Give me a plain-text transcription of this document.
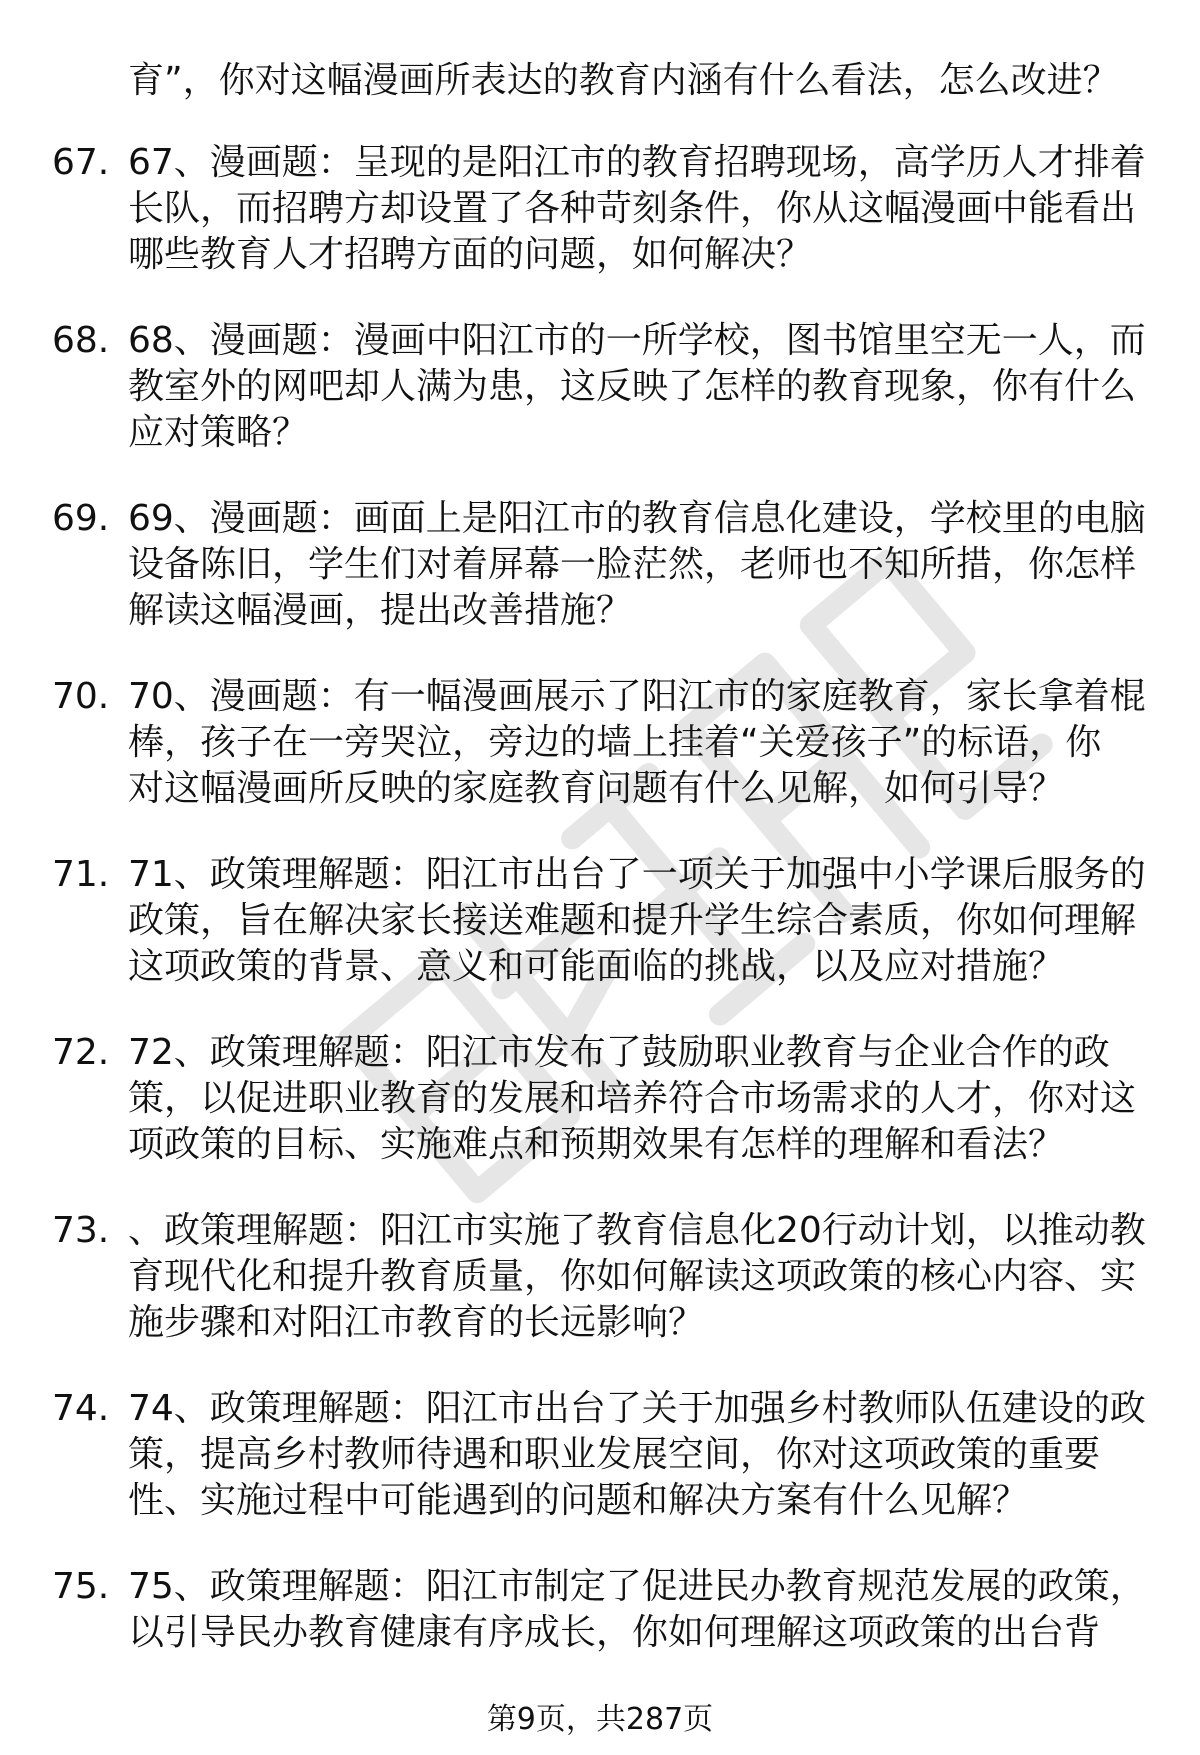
育”，你对这幅漫画所表达的教育内涵有什么看法，怎么改进？
67. 67、漫画题：呈现的是阳江市的教育招聘现场，高学历人才排着
长队，而招聘方却设置了各种苛刻条件，你从这幅漫画中能看出
哪些教育人才招聘方面的问题，如何解决？
68. 68、漫画题：漫画中阳江市的一所学校，图书馆里空无一人，而
教室外的网吧却人满为患，这反映了怎样的教育现象，你有什么
应对策略？
69. 69、漫画题：画面上是阳江市的教育信息化建设，学校里的电脑
设备陈旧，学生们对着屏幕一脸茫然，老师也不知所措，你怎样
解读这幅漫画，提出改善措施？
70. 70、漫画题：有一幅漫画展示了阳江市的家庭教育，家长拿着棍
棒，孩子在一旁哭泣，旁边的墙上挂着“关爱孩子”的标语，你
对这幅漫画所反映的家庭教育问题有什么见解，如何引导？
71. 71、政策理解题：阳江市出台了一项关于加强中小学课后服务的
政策，旨在解决家长接送难题和提升学生综合素质，你如何理解
这项政策的背景、意义和可能面临的挑战，以及应对措施？
72. 72、政策理解题：阳江市发布了鼓励职业教育与企业合作的政
策，以促进职业教育的发展和培养符合市场需求的人才，你对这
项政策的目标、实施难点和预期效果有怎样的理解和看法？
73. 、政策理解题：阳江市实施了教育信息化20行动计划，以推动教
育现代化和提升教育质量，你如何解读这项政策的核心内容、实
施步骤和对阳江市教育的长远影响？
74. 74、政策理解题：阳江市出台了关于加强乡村教师队伍建设的政
策，提高乡村教师待遇和职业发展空间，你对这项政策的重要
性、实施过程中可能遇到的问题和解决方案有什么见解？
75. 75、政策理解题：阳江市制定了促进民办教育规范发展的政策，
以引导民办教育健康有序成长，你如何理解这项政策的出台背
第9页，共287页
